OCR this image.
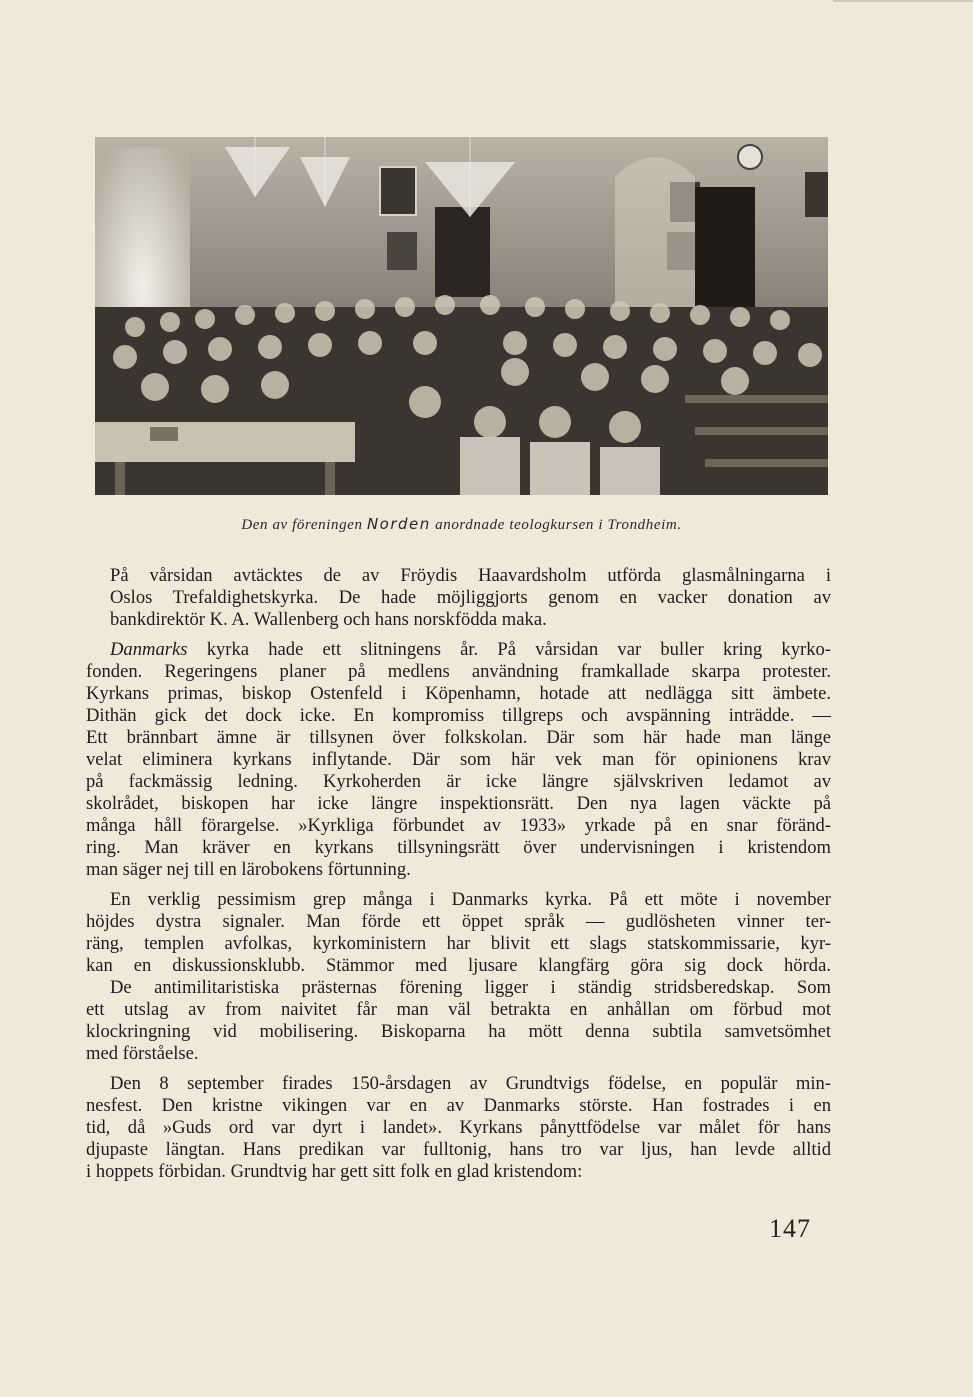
Den av föreningen Norden anordnade teologkursen i Trondheim.
På vårsidan avtäcktes de av Fröydis Haavardsholm utförda glasmålningarna i
Oslos Trefaldighetskyrka. De hade möjliggjorts genom en vacker donation av
bankdirektör K. A. Wallenberg och hans norskfödda maka.
Danmarks kyrka hade ett slitningens år. På vårsidan var buller kring kyrko-
fonden. Regeringens planer på medlens användning framkallade skarpa protester.
Kyrkans primas, biskop Ostenfeld i Köpenhamn, hotade att nedlägga sitt ämbete.
Dithän gick det dock icke. En kompromiss tillgreps och avspänning inträdde. —
Ett brännbart ämne är tillsynen över folkskolan. Där som här hade man länge
velat eliminera kyrkans inflytande. Där som här vek man för opinionens krav
på fackmässig ledning. Kyrkoherden är icke längre självskriven ledamot av
skolrådet, biskopen har icke längre inspektionsrätt. Den nya lagen väckte på
många håll förargelse. »Kyrkliga förbundet av 1933» yrkade på en snar föränd-
ring. Man kräver en kyrkans tillsyningsrätt över undervisningen i kristendom
man säger nej till en lärobokens förtunning.
En verklig pessimism grep många i Danmarks kyrka. På ett möte i november
höjdes dystra signaler. Man förde ett öppet språk — gudlösheten vinner ter-
räng, templen avfolkas, kyrkoministern har blivit ett slags statskommissarie, kyr-
kan en diskussionsklubb. Stämmor med ljusare klangfärg göra sig dock hörda.
De antimilitaristiska prästernas förening ligger i ständig stridsberedskap. Som
ett utslag av from naivitet får man väl betrakta en anhållan om förbud mot
klockringning vid mobilisering. Biskoparna ha mött denna subtila samvetsömhet
med förståelse.
Den 8 september firades 150-årsdagen av Grundtvigs födelse, en populär min-
nesfest. Den kristne vikingen var en av Danmarks störste. Han fostrades i en
tid, då »Guds ord var dyrt i landet». Kyrkans pånyttfödelse var målet för hans
djupaste längtan. Hans predikan var fulltonig, hans tro var ljus, han levde alltid
i hoppets förbidan. Grundtvig har gett sitt folk en glad kristendom:
147
